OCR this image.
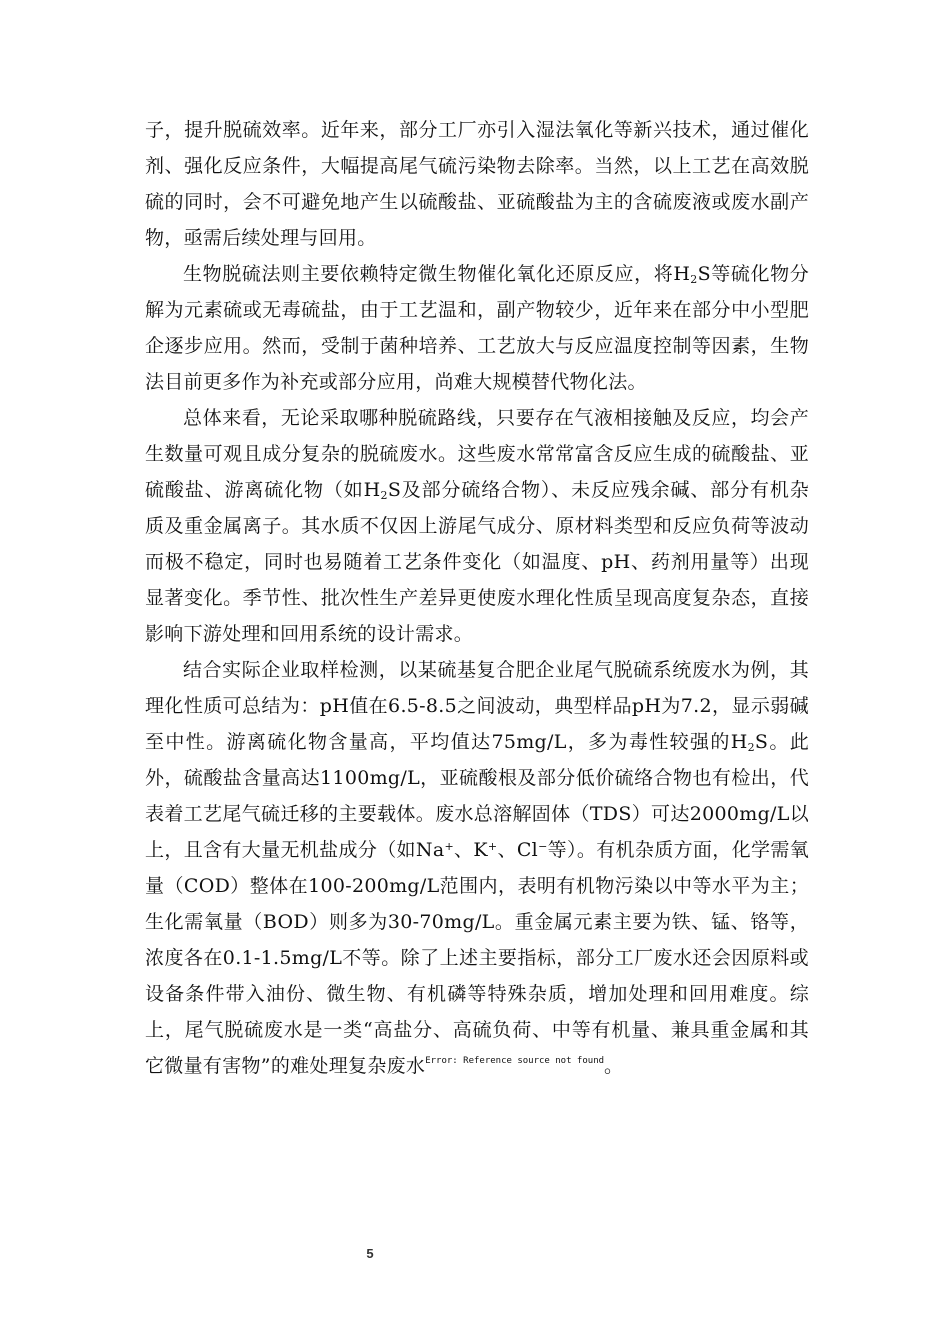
子，提升脱硫效率。近年来，部分工厂亦引入湿法氧化等新兴技术，通过催化剂、强化反应条件，大幅提高尾气硫污染物去除率。当然，以上工艺在高效脱硫的同时，会不可避免地产生以硫酸盐、亚硫酸盐为主的含硫废液或废水副产物，亟需后续处理与回用。

生物脱硫法则主要依赖特定微生物催化氧化还原反应，将$H_2S$等硫化物分解为元素硫或无毒硫盐，由于工艺温和，副产物较少，近年来在部分中小型肥企逐步应用。然而，受制于菌种培养、工艺放大与反应温度控制等因素，生物法目前更多作为补充或部分应用，尚难大规模替代物化法。

总体来看，无论采取哪种脱硫路线，只要存在气液相接触及反应，均会产生数量可观且成分复杂的脱硫废水。这些废水常常富含反应生成的硫酸盐、亚硫酸盐、游离硫化物（如$H_2S$及部分硫络合物）、未反应残余碱、部分有机杂质及重金属离子。其水质不仅因上游尾气成分、原材料类型和反应负荷等波动而极不稳定，同时也易随着工艺条件变化（如温度、pH、药剂用量等）出现显著变化。季节性、批次性生产差异更使废水理化性质呈现高度复杂态，直接影响下游处理和回用系统的设计需求。

结合实际企业取样检测，以某硫基复合肥企业尾气脱硫系统废水为例，其理化性质可总结为：pH值在6.5-8.5之间波动，典型样品pH为7.2，显示弱碱至中性。游离硫化物含量高，平均值达75mg/L，多为毒性较强的$H_2S$。此外，硫酸盐含量高达1100mg/L，亚硫酸根及部分低价硫络合物也有检出，代表着工艺尾气硫迁移的主要载体。废水总溶解固体（TDS）可达2000mg/L以上，且含有大量无机盐成分（如Na+、K+、Cl−等）。有机杂质方面，化学需氧量（COD）整体在100-200mg/L范围内，表明有机物污染以中等水平为主；生化需氧量（BOD）则多为30-70mg/L。重金属元素主要为铁、锰、铬等，浓度各在0.1-1.5mg/L不等。除了上述主要指标，部分工厂废水还会因原料或设备条件带入油份、微生物、有机磷等特殊杂质，增加处理和回用难度。综上，尾气脱硫废水是一类“高盐分、高硫负荷、中等有机量、兼具重金属和其它微量有害物”的难处理复杂废水$^{Error: Reference source not found}$。

5
